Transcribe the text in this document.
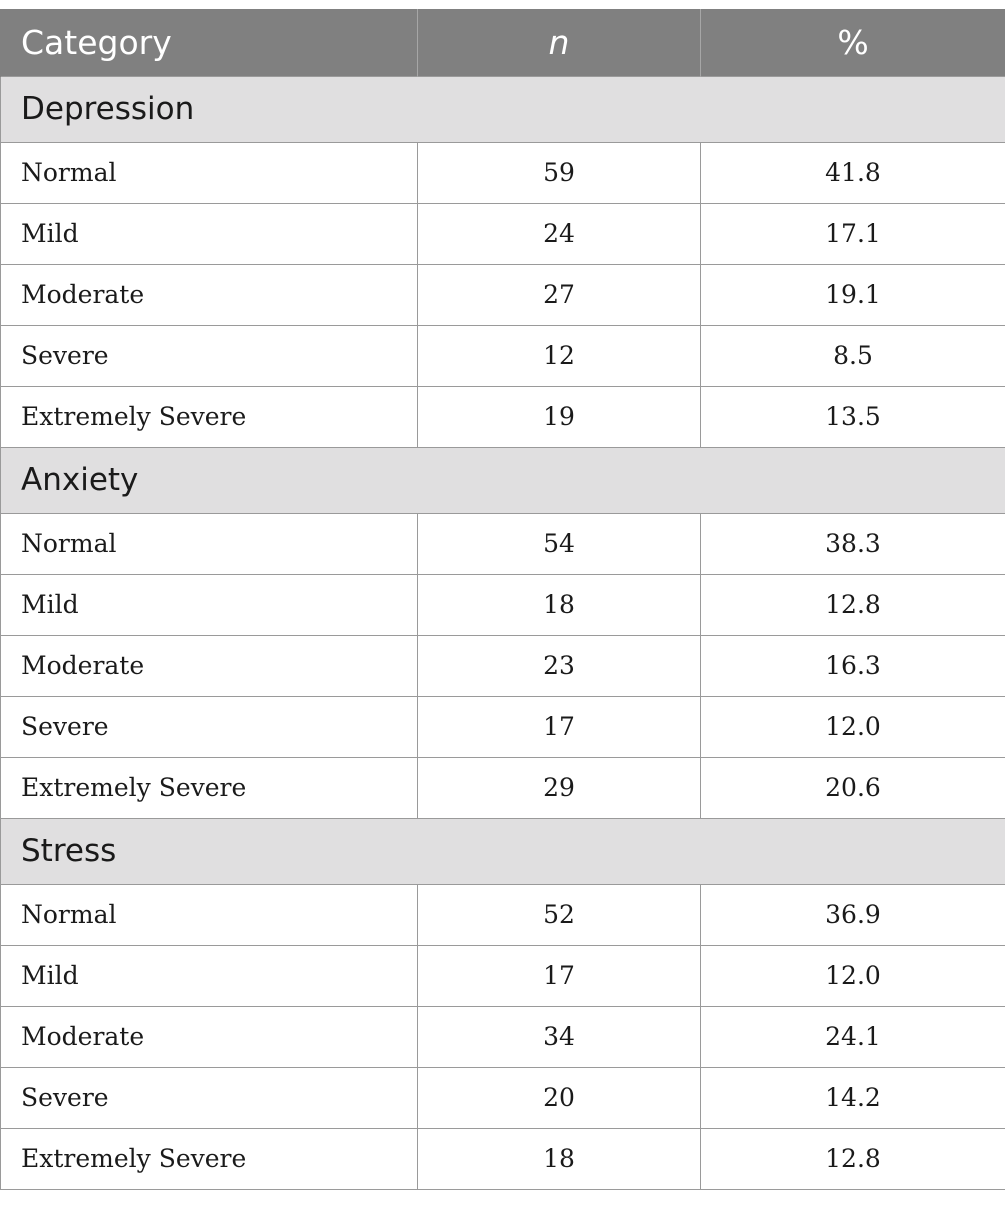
Category	n	%
Depression		
Normal	59	41.8
Mild	24	17.1
Moderate	27	19.1
Severe	12	8.5
Extremely Severe	19	13.5
Anxiety		
Normal	54	38.3
Mild	18	12.8
Moderate	23	16.3
Severe	17	12.0
Extremely Severe	29	20.6
Stress		
Normal	52	36.9
Mild	17	12.0
Moderate	34	24.1
Severe	20	14.2
Extremely Severe	18	12.8
